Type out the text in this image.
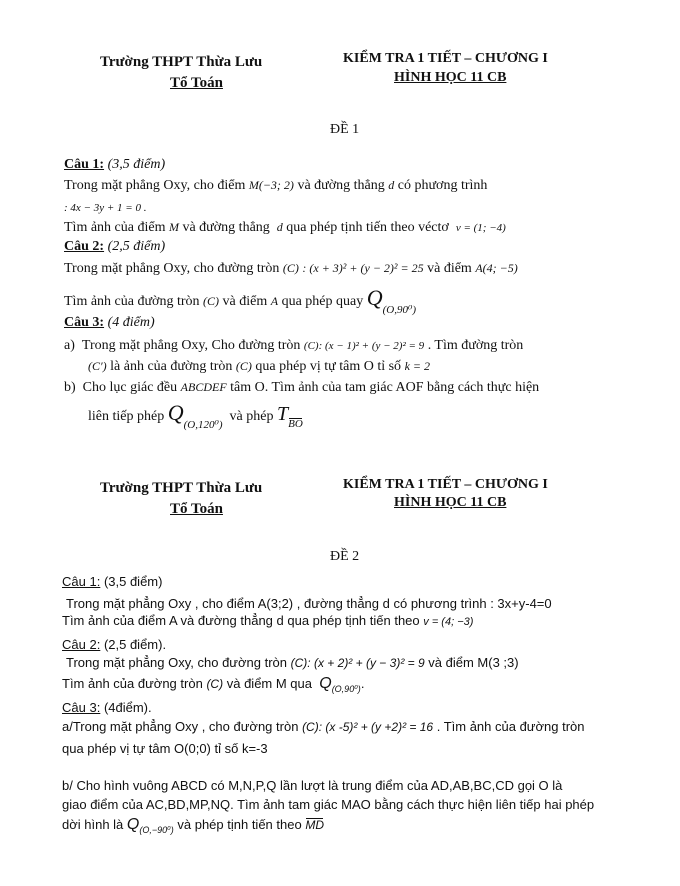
Trường THPT Thừa Lưu
Tổ Toán
KIỂM TRA 1 TIẾT – CHƯƠNG I
HÌNH HỌC 11 CB
ĐỀ 1
Câu 1: (3,5 điểm)
Trong mặt phẳng Oxy, cho điểm M(−3; 2) và đường thẳng d có phương trình
: 4x − 3y + 1 = 0 .
Tìm ảnh của điểm M và đường thẳng d qua phép tịnh tiến theo véctơ v = (1; −4)
Câu 2: (2,5 điểm)
Trong mặt phẳng Oxy, cho đường tròn (C) : (x + 3)² + (y − 2)² = 25 và điểm A(4; −5)
Tìm ảnh của đường tròn (C) và điểm A qua phép quay $Q_{(O,90^0)}$
Câu 3: (4 điểm)
a) Trong mặt phẳng Oxy, Cho đường tròn (C): (x − 1)² + (y − 2)² = 9 . Tìm đường tròn
(C′) là ảnh của đường tròn (C) qua phép vị tự tâm O tỉ số k = 2
b) Cho lục giác đều ABCDEF tâm O. Tìm ảnh của tam giác AOF bằng cách thực hiện
liên tiếp phép $Q_{(O,120^0)}$  và phép TBO
Trường THPT Thừa Lưu
Tổ Toán
KIỂM TRA 1 TIẾT – CHƯƠNG I
HÌNH HỌC 11 CB
ĐỀ 2
Câu 1: (3,5 điểm)
Trong mặt phẳng Oxy , cho điểm A(3;2) , đường thẳng d có phương trình : 3x+y-4=0
Tìm ảnh của điểm A và đường thẳng d qua phép tịnh tiến theo v = (4; −3)
Câu 2: (2,5 điểm).
Trong mặt phẳng Oxy, cho đường tròn (C): (x + 2)² + (y − 3)² = 9 và điểm M(3 ;3)
Tìm ảnh của đường tròn (C) và điểm M qua $Q_{(O,90^0)}$.
Câu 3: (4điểm).
a/Trong mặt phẳng Oxy , cho đường tròn (C): (x -5)² + (y +2)² = 16 . Tìm ảnh của đường tròn
qua phép vị tự tâm O(0;0) tỉ số k=-3
b/ Cho hình vuông ABCD có M,N,P,Q lần lượt là trung điểm của AD,AB,BC,CD gọi O là
giao điểm của AC,BD,MP,NQ. Tìm ảnh tam giác MAO bằng cách thực hiện liên tiếp hai phép
dời hình là $Q_{(O,-90^0)}$ và phép tịnh tiến theo MD
